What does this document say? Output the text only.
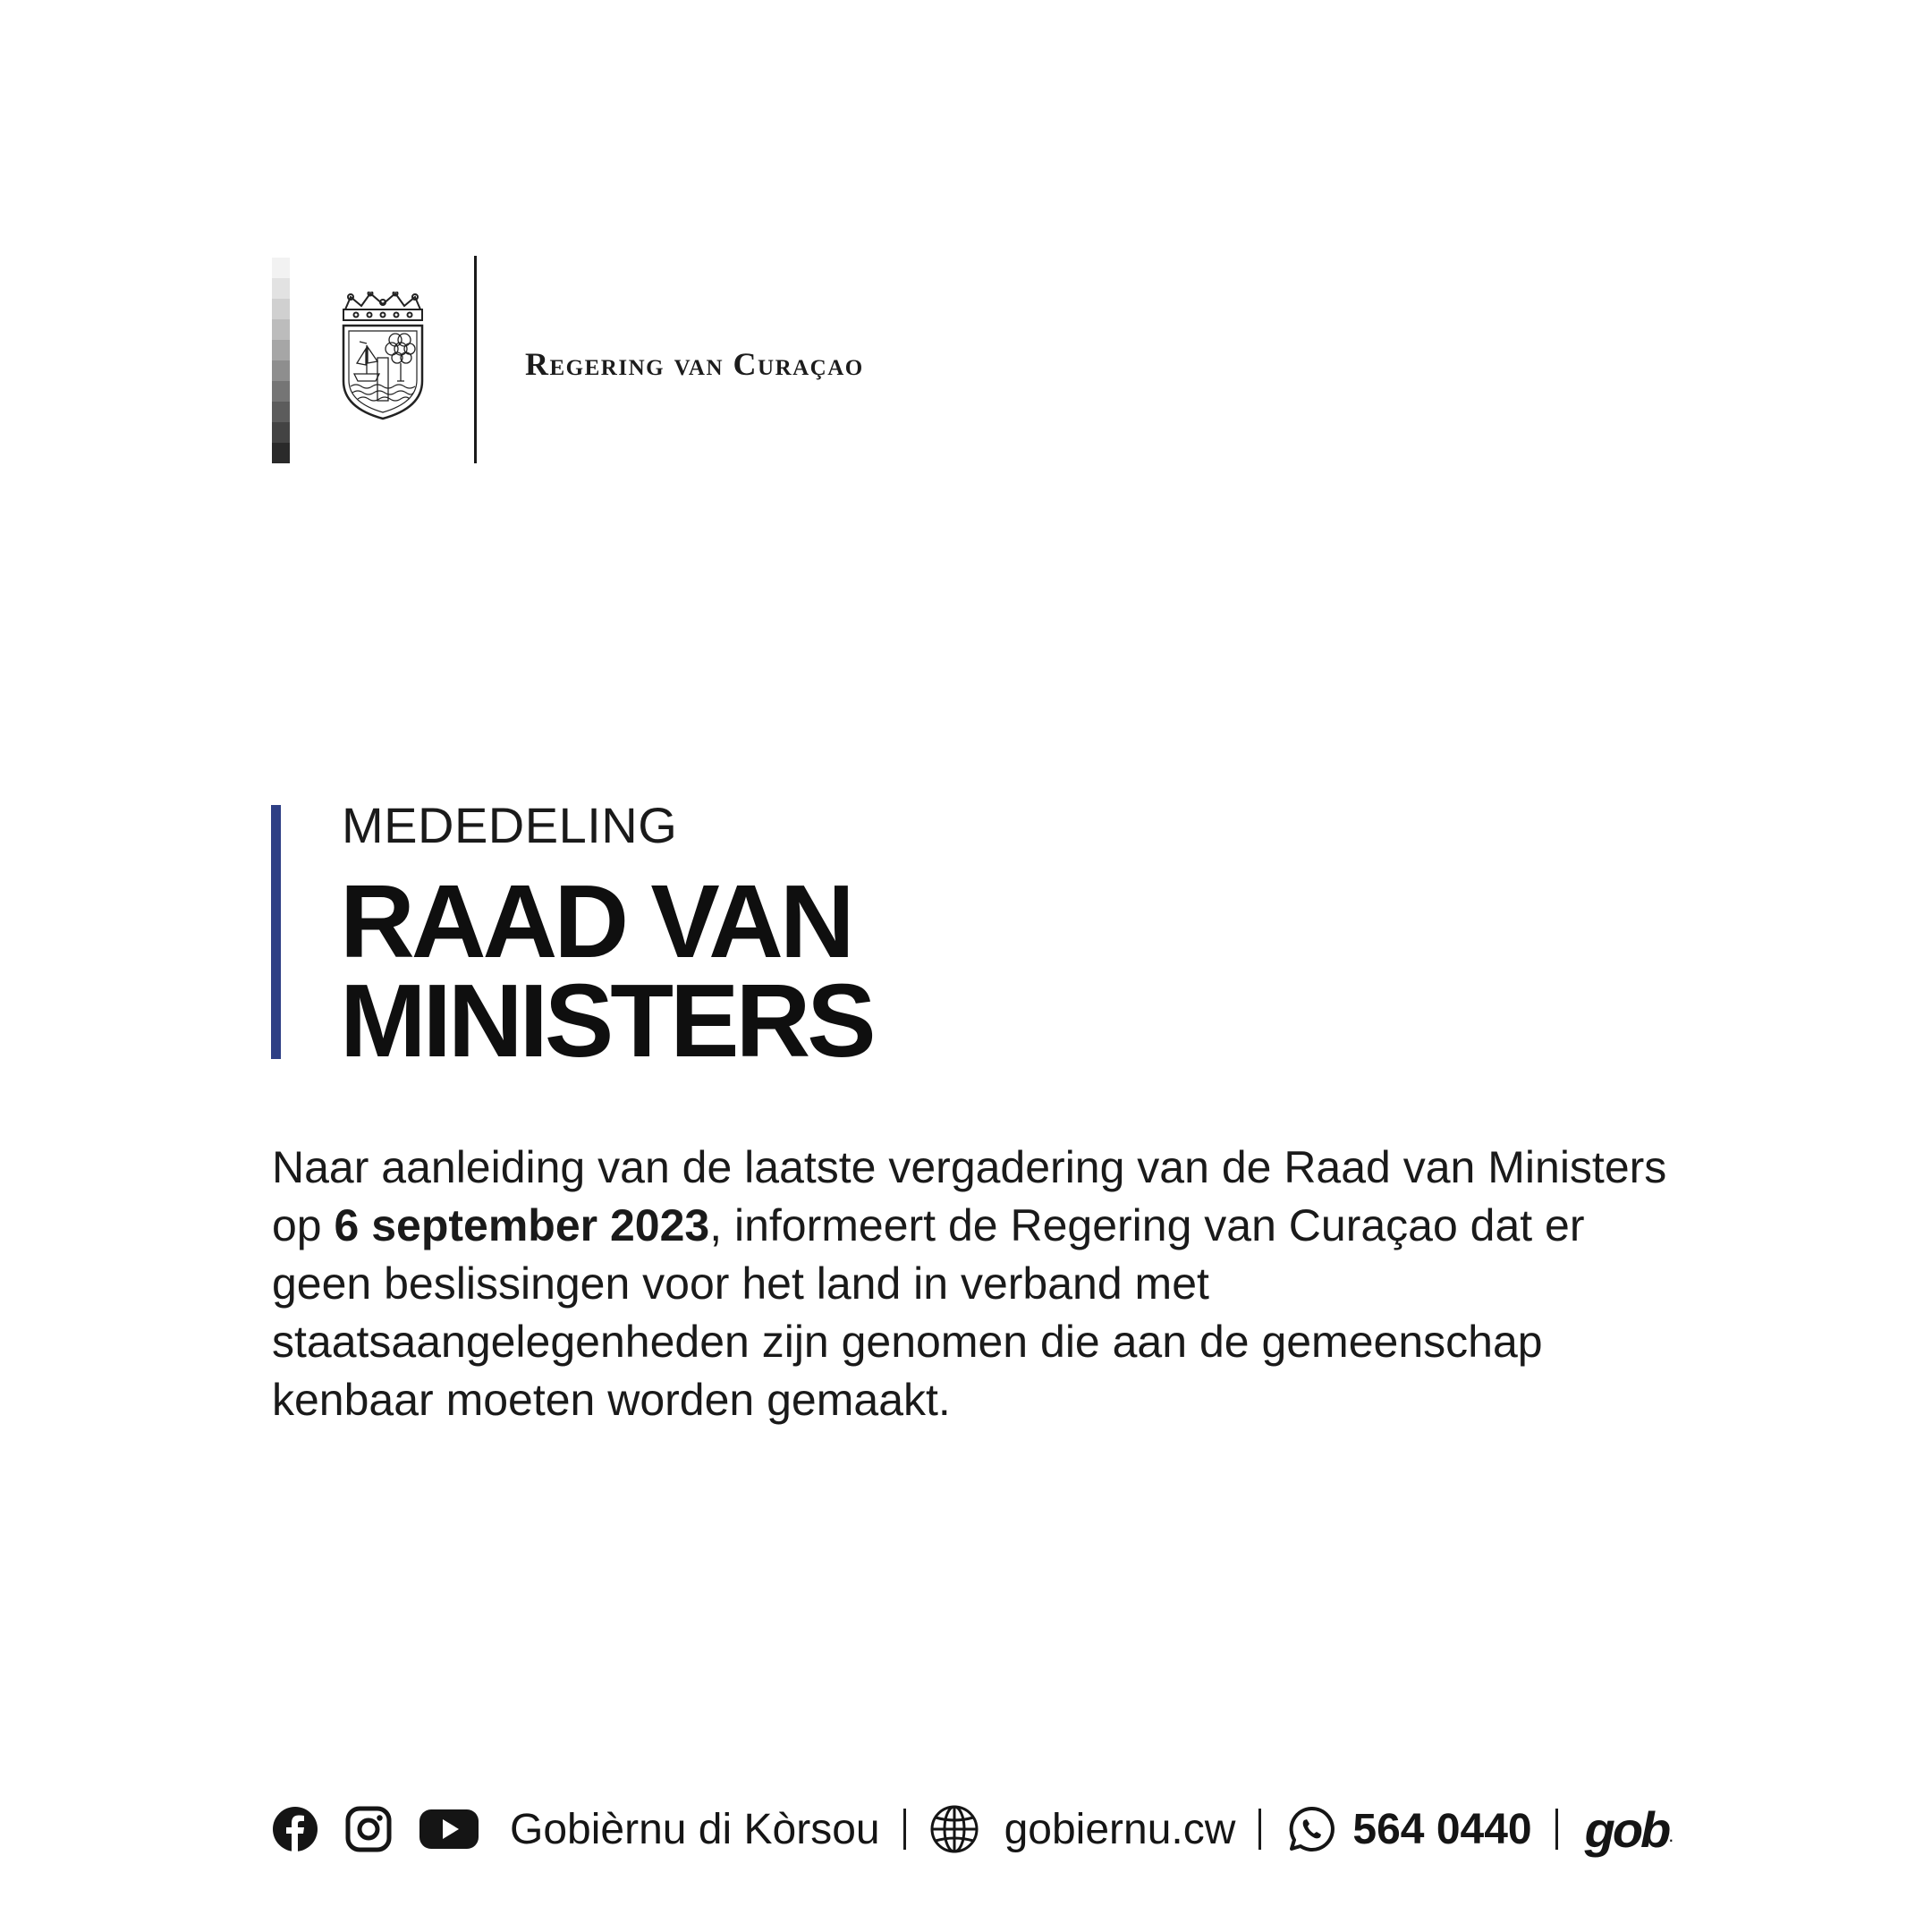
Regering van Curaçao
MEDEDELING
RAAD VAN
MINISTERS

Naar aanleiding van de laatste vergadering van de Raad van Ministers op 6 september 2023, informeert de Regering van Curaçao dat er geen beslissingen voor het land in verband met staatsaangelegenheden zijn genomen die aan de gemeenschap kenbaar moeten worden gemaakt.

Gobièrnu di Kòrsou	gobiernu.cw	564 0440 gob .
